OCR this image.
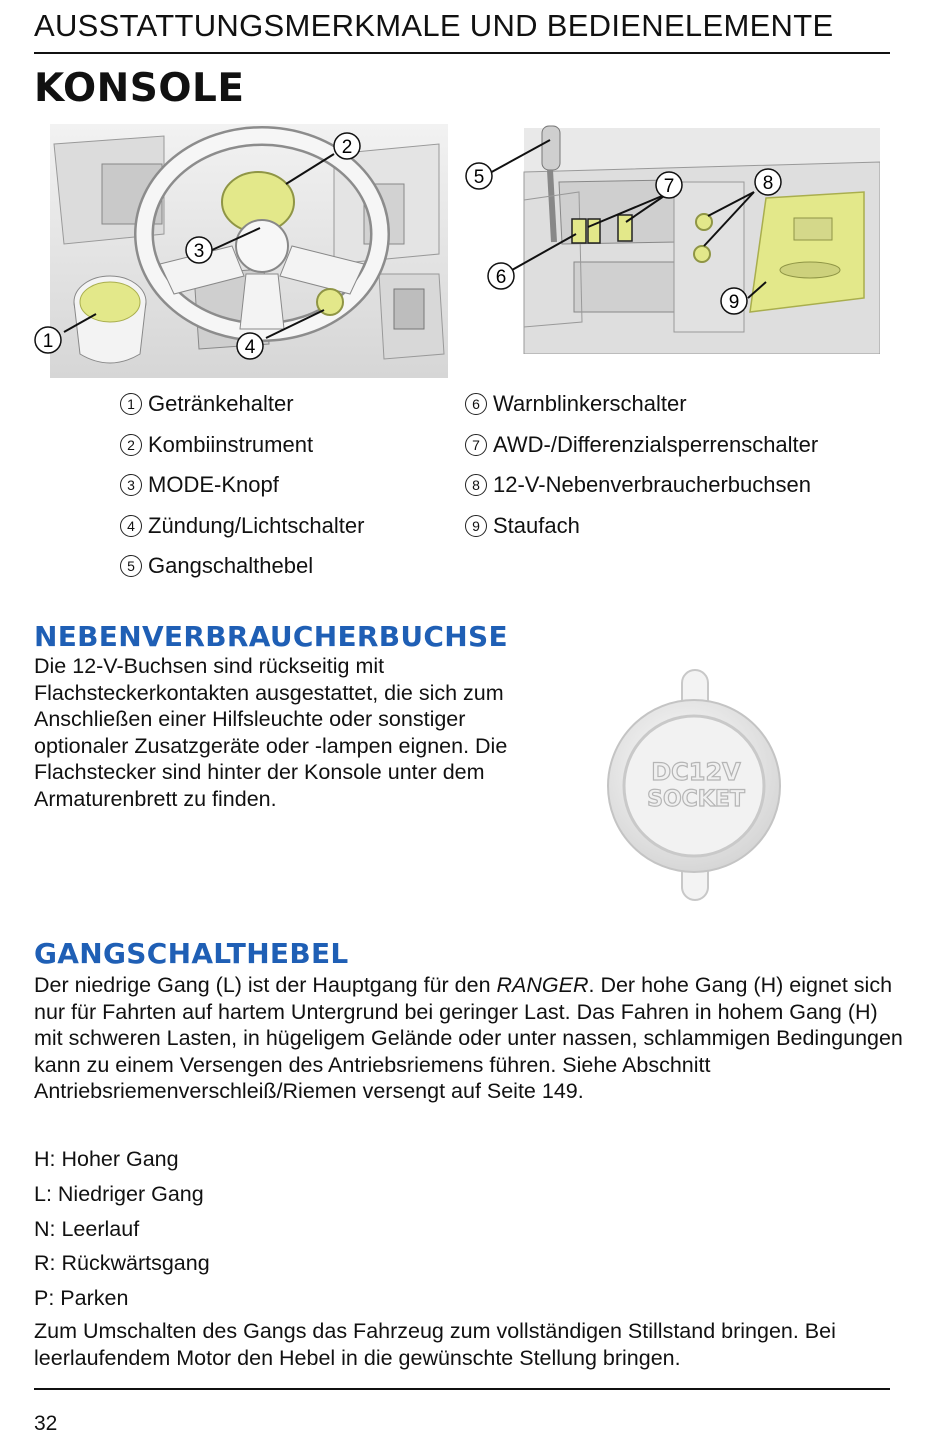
AUSSTATTUNGSMERKMALE UND BEDIENELEMENTE
KONSOLE
2
3
1	4
5
6
7	8
9
1 Getränkehalter
2 Kombiinstrument
3 MODE-Knopf
4 Zündung/Lichtschalter
5 Gangschalthebel
6 Warnblinkerschalter
7 AWD-/Differenzialsperrenschalter
8 12-V-Nebenverbraucherbuchsen
9 Staufach
NEBENVERBRAUCHERBUCHSE

Die 12-V-Buchsen sind rückseitig mit Flachsteckerkontakten ausgestattet, die sich zum Anschließen einer Hilfsleuchte oder sonstiger optionaler Zusatzgeräte oder -lampen eignen. Die Flachstecker sind hinter der Konsole unter dem Armaturenbrett zu finden.

DC12V
SOCKET
GANGSCHALTHEBEL

Der niedrige Gang (L) ist der Hauptgang für den RANGER. Der hohe Gang (H) eignet sich nur für Fahrten auf hartem Untergrund bei geringer Last. Das Fahren in hohem Gang (H) mit schweren Lasten, in hügeligem Gelände oder unter nassen, schlammigen Bedingungen kann zu einem Versengen des Antriebsriemens führen. Siehe Abschnitt Antriebsriemenverschleiß/Riemen versengt auf Seite 149.

H: Hoher Gang
L: Niedriger Gang
N: Leerlauf
R: Rückwärtsgang
P: Parken

Zum Umschalten des Gangs das Fahrzeug zum vollständigen Stillstand bringen. Bei leerlaufendem Motor den Hebel in die gewünschte Stellung bringen.

32
